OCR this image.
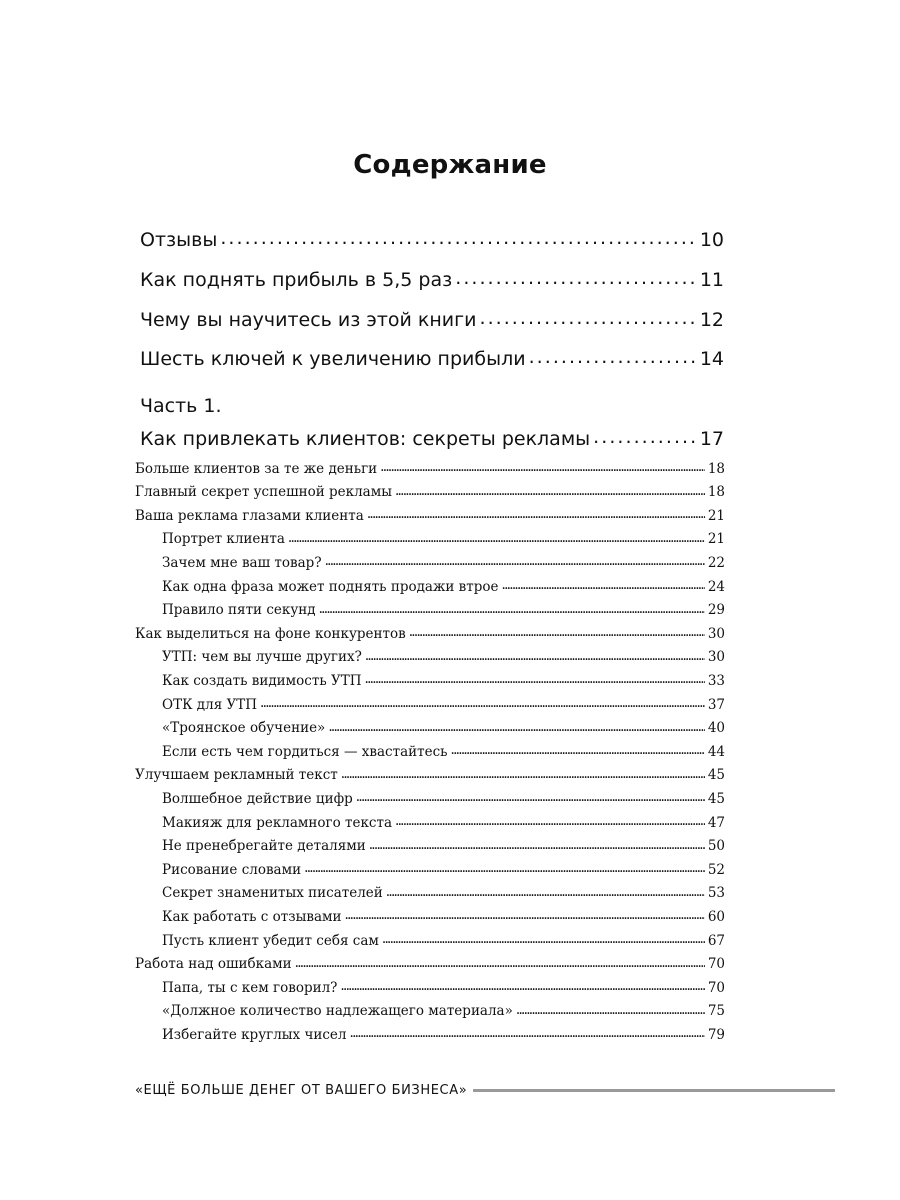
Содержание
Отзывы . . .	10
Как поднять прибыль в 5,5 раз . . .	11
Чему вы научитесь из этой книги . . .	12
Шесть ключей к увеличению прибыли . . .	14
Часть 1.
Как привлекать клиентов: секреты рекламы . . .	17
Больше клиентов за те же деньги . . .	18
Главный секрет успешной рекламы . . .	18
Ваша реклама глазами клиента . . .	21
Портрет клиента . . .	21
Зачем мне ваш товар? . . .	22
Как одна фраза может поднять продажи втрое . . .	24
Правило пяти секунд . . .	29
Как выделиться на фоне конкурентов . . .	30
УТП: чем вы лучше других? . . .	30
Как создать видимость УТП . . .	33
ОТК для УТП . . .	37
«Троянское обучение» . . .	40
Если есть чем гордиться — хвастайтесь . . .	44
Улучшаем рекламный текст . . .	45
Волшебное действие цифр . . .	45
Макияж для рекламного текста . . .	47
Не пренебрегайте деталями . . .	50
Рисование словами . . .	52
Секрет знаменитых писателей . . .	53
Как работать с отзывами . . .	60
Пусть клиент убедит себя сам . . .	67
Работа над ошибками . . .	70
Папа, ты с кем говорил? . . .	70
«Должное количество надлежащего материала» . . .	75
Избегайте круглых чисел . . .	79
«ЕЩЁ БОЛЬШЕ ДЕНЕГ ОТ ВАШЕГО БИЗНЕСА»
